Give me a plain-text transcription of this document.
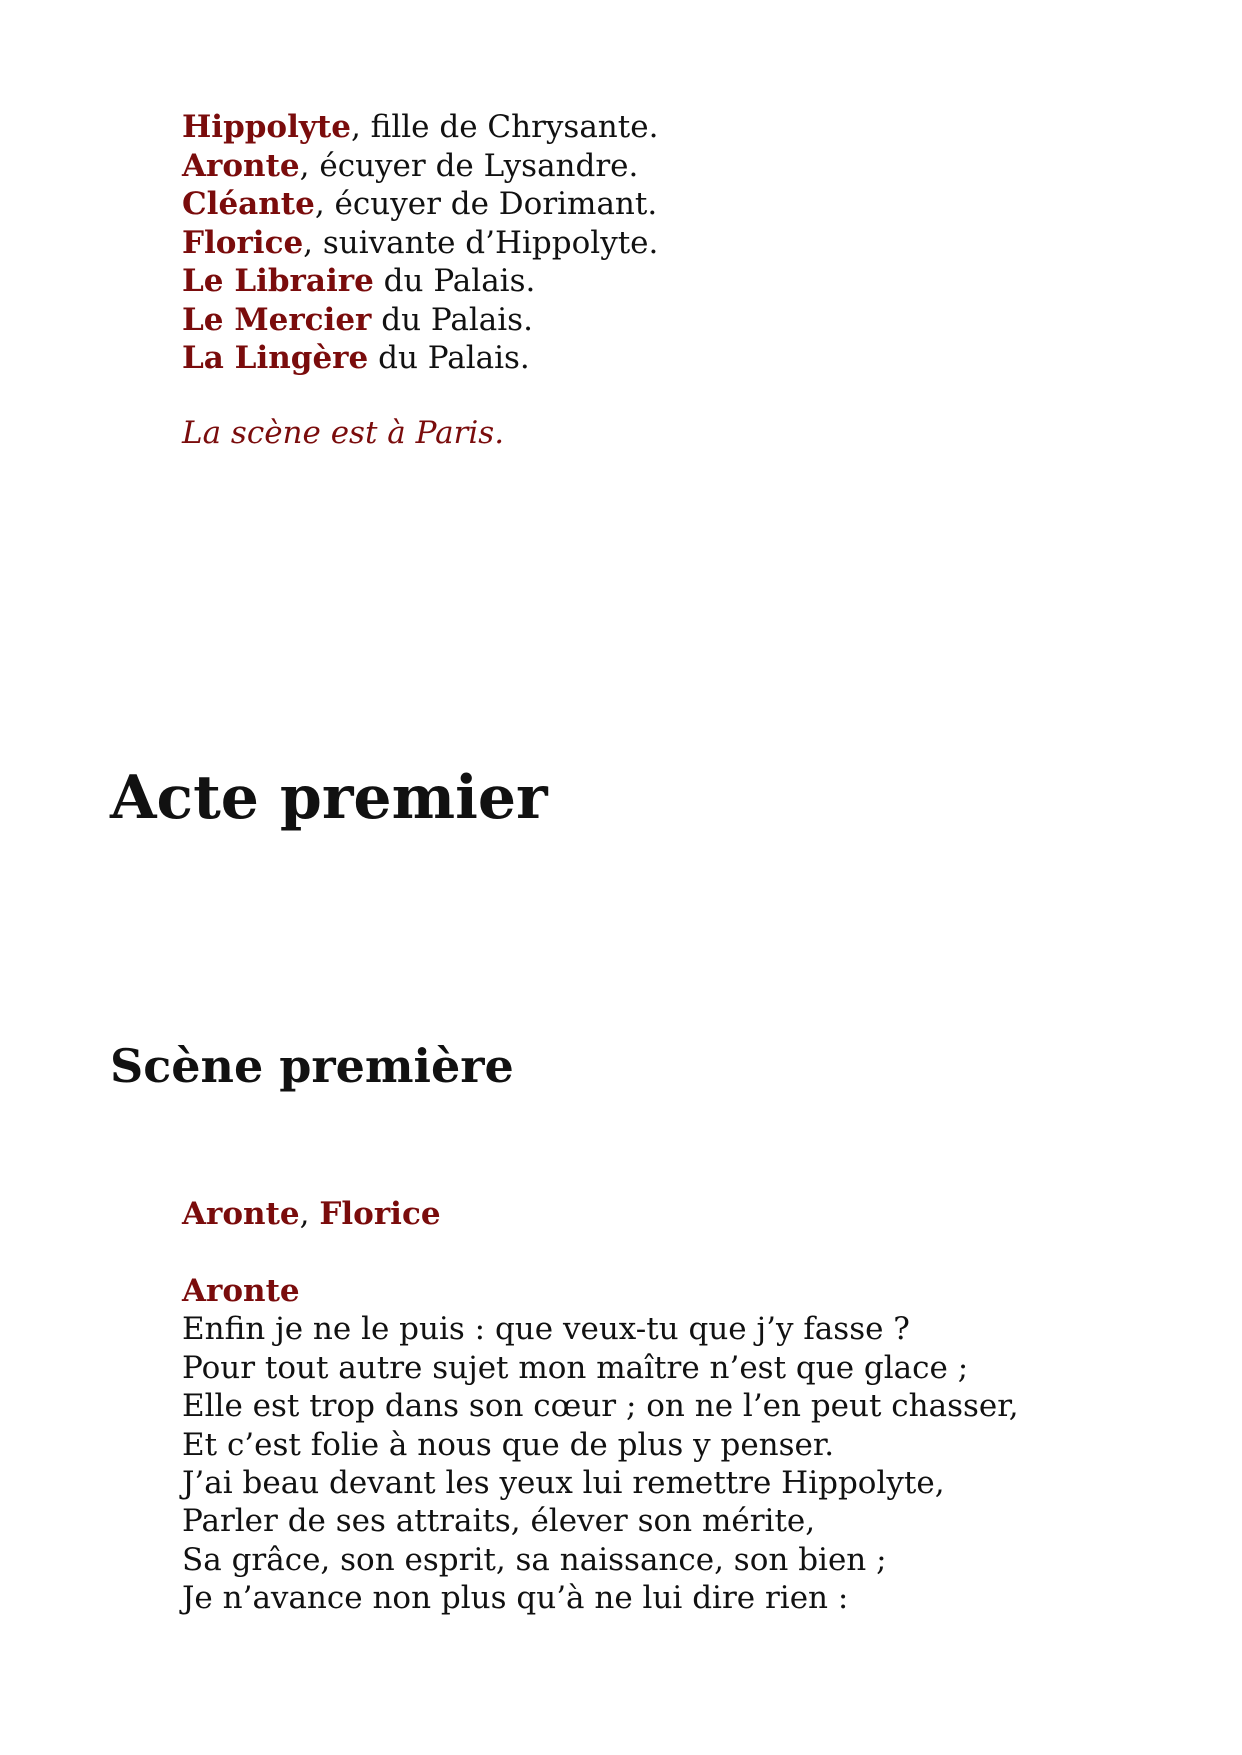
Hippolyte, fille de Chrysante.

Aronte, écuyer de Lysandre.

Cléante, écuyer de Dorimant.

Florice, suivante d’Hippolyte.

Le Libraire du Palais.

Le Mercier du Palais.

La Lingère du Palais.

La scène est à Paris.

Acte premier
Scène première

Aronte, Florice

Aronte

Enfin je ne le puis : que veux-tu que j’y fasse ?

Pour tout autre sujet mon maître n’est que glace ;

Elle est trop dans son cœur ; on ne l’en peut chasser,

Et c’est folie à nous que de plus y penser.

J’ai beau devant les yeux lui remettre Hippolyte,

Parler de ses attraits, élever son mérite,

Sa grâce, son esprit, sa naissance, son bien ;

Je n’avance non plus qu’à ne lui dire rien :
